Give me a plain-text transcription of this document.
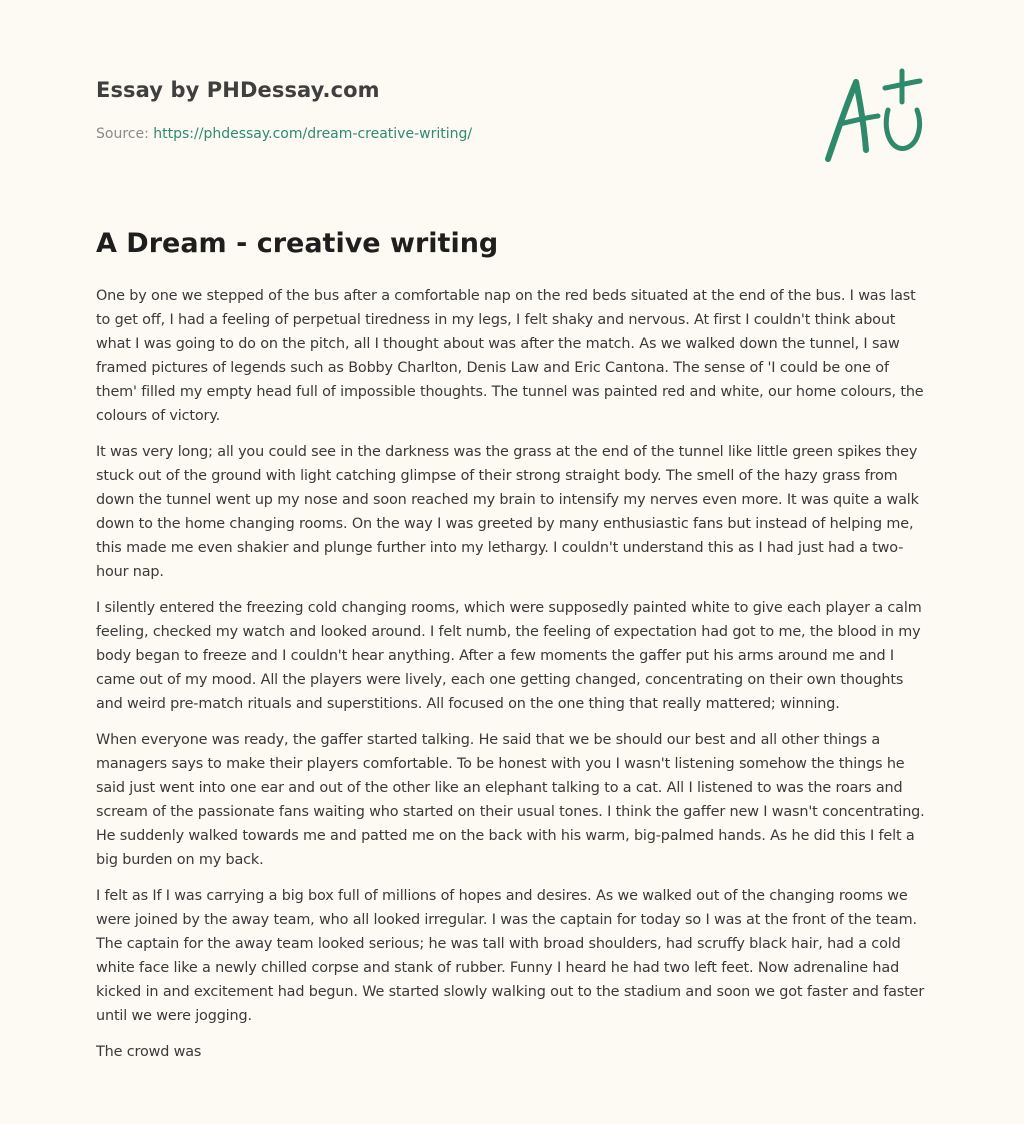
Essay by PHDessay.com
Source: https://phdessay.com/dream-creative-writing/
A Dream - creative writing

One by one we stepped of the bus after a comfortable nap on the red beds situated at the end of the bus. I was last to get off, I had a feeling of perpetual tiredness in my legs, I felt shaky and nervous. At first I couldn't think about what I was going to do on the pitch, all I thought about was after the match. As we walked down the tunnel, I saw framed pictures of legends such as Bobby Charlton, Denis Law and Eric Cantona. The sense of 'I could be one of them' filled my empty head full of impossible thoughts. The tunnel was painted red and white, our home colours, the colours of victory.

It was very long; all you could see in the darkness was the grass at the end of the tunnel like little green spikes they stuck out of the ground with light catching glimpse of their strong straight body. The smell of the hazy grass from down the tunnel went up my nose and soon reached my brain to intensify my nerves even more. It was quite a walk down to the home changing rooms. On the way I was greeted by many enthusiastic fans but instead of helping me, this made me even shakier and plunge further into my lethargy. I couldn't understand this as I had just had a two-hour nap.

I silently entered the freezing cold changing rooms, which were supposedly painted white to give each player a calm feeling, checked my watch and looked around. I felt numb, the feeling of expectation had got to me, the blood in my body began to freeze and I couldn't hear anything. After a few moments the gaffer put his arms around me and I came out of my mood. All the players were lively, each one getting changed, concentrating on their own thoughts and weird pre-match rituals and superstitions. All focused on the one thing that really mattered; winning.

When everyone was ready, the gaffer started talking. He said that we be should our best and all other things a managers says to make their players comfortable. To be honest with you I wasn't listening somehow the things he said just went into one ear and out of the other like an elephant talking to a cat. All I listened to was the roars and scream of the passionate fans waiting who started on their usual tones. I think the gaffer new I wasn't concentrating. He suddenly walked towards me and patted me on the back with his warm, big-palmed hands. As he did this I felt a big burden on my back.

I felt as If I was carrying a big box full of millions of hopes and desires. As we walked out of the changing rooms we were joined by the away team, who all looked irregular. I was the captain for today so I was at the front of the team. The captain for the away team looked serious; he was tall with broad shoulders, had scruffy black hair, had a cold white face like a newly chilled corpse and stank of rubber. Funny I heard he had two left feet. Now adrenaline had kicked in and excitement had begun. We started slowly walking out to the stadium and soon we got faster and faster until we were jogging.

The crowd was
